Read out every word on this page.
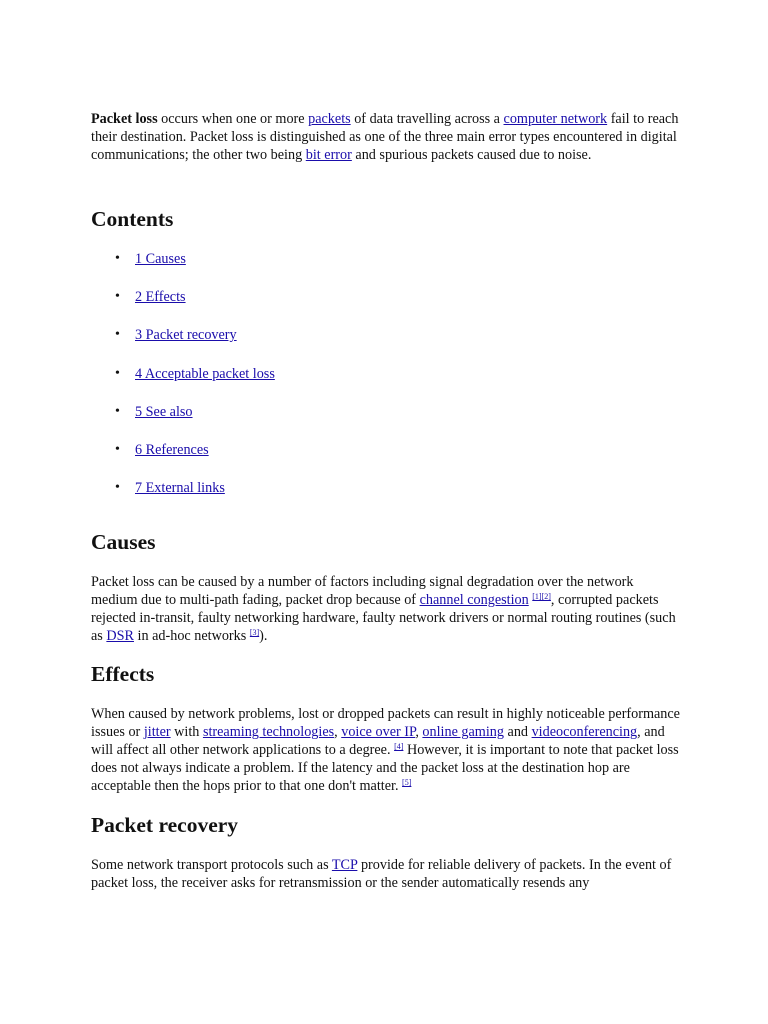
Packet loss occurs when one or more packets of data travelling across a computer network fail to reach their destination. Packet loss is distinguished as one of the three main error types encountered in digital communications; the other two being bit error and spurious packets caused due to noise.

Contents
• 1 Causes
• 2 Effects
• 3 Packet recovery
• 4 Acceptable packet loss
• 5 See also
• 6 References
• 7 External links
Causes

Packet loss can be caused by a number of factors including signal degradation over the network medium due to multi-path fading, packet drop because of channel congestion [1][2], corrupted packets rejected in-transit, faulty networking hardware, faulty network drivers or normal routing routines (such as DSR in ad-hoc networks [3]).

Effects

When caused by network problems, lost or dropped packets can result in highly noticeable performance issues or jitter with streaming technologies, voice over IP, online gaming and videoconferencing, and will affect all other network applications to a degree. [4] However, it is important to note that packet loss does not always indicate a problem. If the latency and the packet loss at the destination hop are acceptable then the hops prior to that one don't matter. [5]

Packet recovery

Some network transport protocols such as TCP provide for reliable delivery of packets. In the event of packet loss, the receiver asks for retransmission or the sender automatically resends any
